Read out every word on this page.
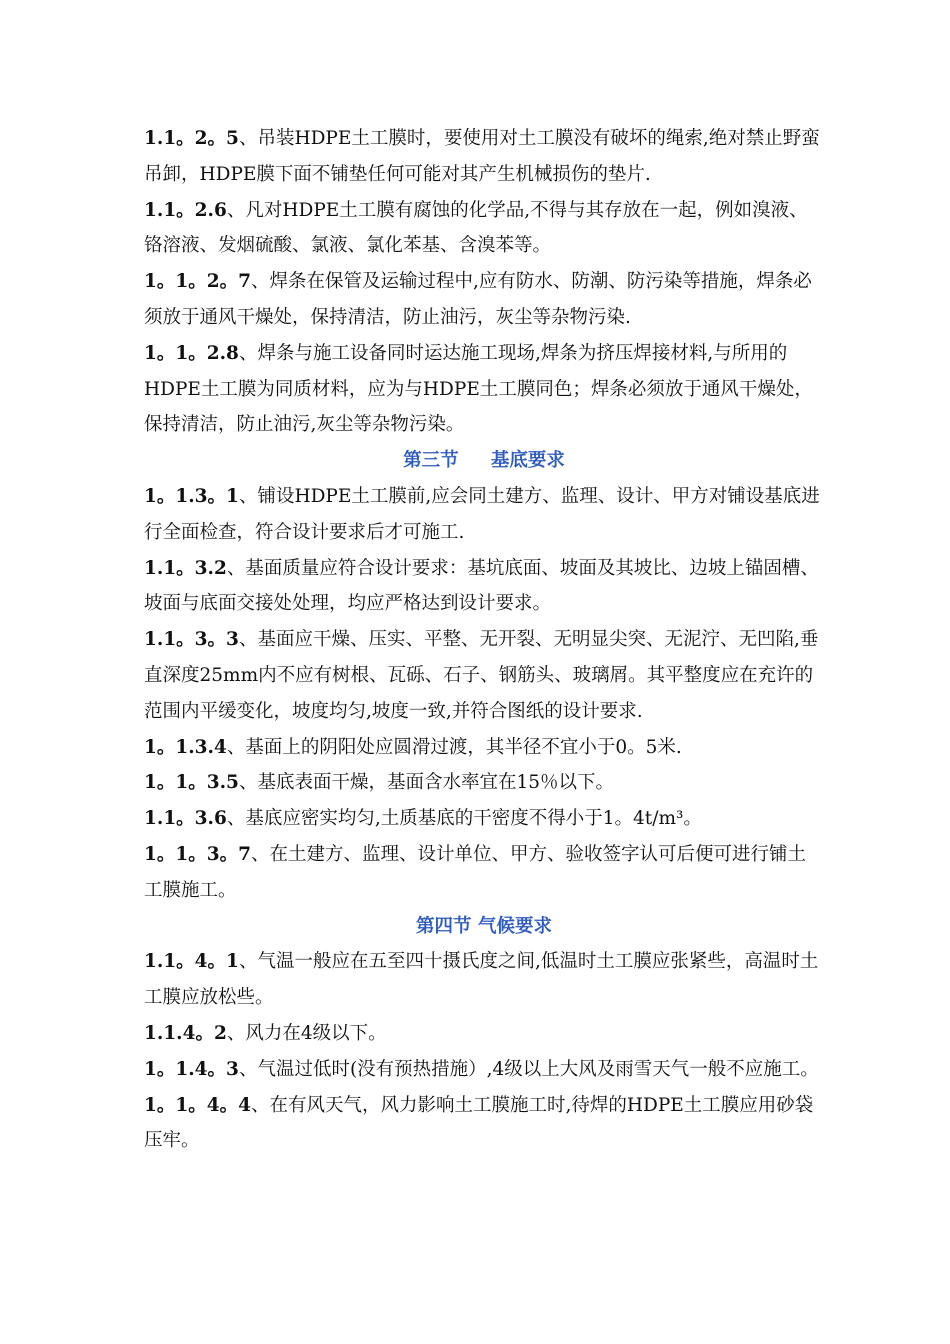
1.1。2。5、吊装HDPE土工膜时，要使用对土工膜没有破坏的绳索,绝对禁止野蛮吊卸，HDPE膜下面不铺垫任何可能对其产生机械损伤的垫片.

1.1。2.6、凡对HDPE土工膜有腐蚀的化学品,不得与其存放在一起，例如溴液、铬溶液、发烟硫酸、氯液、氯化苯基、含溴苯等。

1。1。2。7、焊条在保管及运输过程中,应有防水、防潮、防污染等措施，焊条必须放于通风干燥处，保持清洁，防止油污，灰尘等杂物污染.

1。1。2.8、焊条与施工设备同时运达施工现场,焊条为挤压焊接材料,与所用的HDPE土工膜为同质材料，应为与HDPE土工膜同色；焊条必须放于通风干燥处，保持清洁，防止油污,灰尘等杂物污染。

第三节     基底要求

1。1.3。1、铺设HDPE土工膜前,应会同土建方、监理、设计、甲方对铺设基底进行全面检查，符合设计要求后才可施工.

1.1。3.2、基面质量应符合设计要求：基坑底面、坡面及其坡比、边坡上锚固槽、坡面与底面交接处处理，均应严格达到设计要求。

1.1。3。3、基面应干燥、压实、平整、无开裂、无明显尖突、无泥泞、无凹陷,垂直深度25mm内不应有树根、瓦砾、石子、钢筋头、玻璃屑。其平整度应在充许的范围内平缓变化，坡度均匀,坡度一致,并符合图纸的设计要求.

1。1.3.4、基面上的阴阳处应圆滑过渡，其半径不宜小于0。5米.

1。1。3.5、基底表面干燥，基面含水率宜在15％以下。

1.1。3.6、基底应密实均匀,土质基底的干密度不得小于1。4t/m³。

1。1。3。7、在土建方、监理、设计单位、甲方、验收签字认可后便可进行铺土工膜施工。

第四节 气候要求

1.1。4。1、气温一般应在五至四十摄氏度之间,低温时土工膜应张紧些，高温时土工膜应放松些。

1.1.4。2、风力在4级以下。

1。1.4。3、气温过低时(没有预热措施）,4级以上大风及雨雪天气一般不应施工。

1。1。4。4、在有风天气，风力影响土工膜施工时,待焊的HDPE土工膜应用砂袋压牢。
